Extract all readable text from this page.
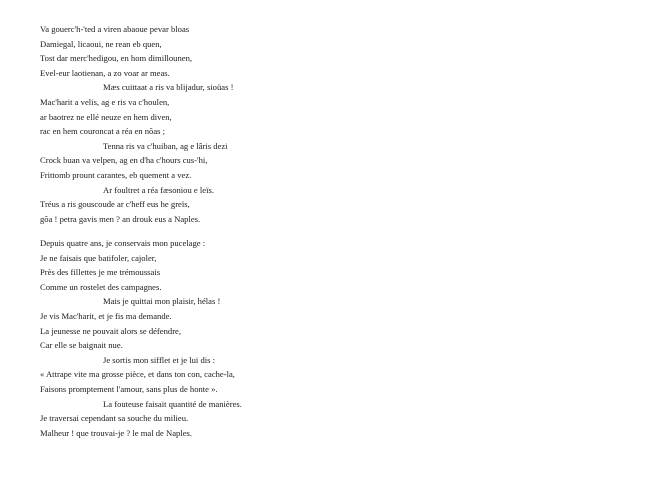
Va gouerc'h-'ted a viren abaoue pevar bloas
Damiegal, licaoui, ne rean eb quen,
Tost dar merc'hedigou, en hom dimillounen,
Evel-eur laotienan, a zo voar ar meas.
Mæs cuittaat a ris va blijadur, sioüas !
Mac'harit a velis, ag e ris va c'houlen,
ar baotrez ne ellé neuze en hem diven,
rac en hem couroncat a réa en nõas ;
Tenna ris va c'huiban, ag e lâris dezi
Crock buan va velpen, ag en d'ha c'hours cus-'hi,
Frittomb prount carantes, eb quement a vez.
Ar foultret a réa fæsoniou e leïs.
Tréus a ris gouscoude ar c'heff eus he greïs,
gõa ! petra gavis men ? an drouk eus a Naples.
Depuis quatre ans, je conservais mon pucelage :
Je ne faisais que batifoler, cajoler,
Près des fillettes je me trémoussais
Comme un rostelet des campagnes.
Mais je quittai mon plaisir, hélas !
Je vis Mac'harit, et je fis ma demande.
La jeunesse ne pouvait alors se défendre,
Car elle se baignait nue.
Je sortis mon sifflet et je lui dis :
« Attrape vite ma grosse pièce, et dans ton con, cache-la,
Faisons promptement l'amour, sans plus de honte ».
La fouteuse faisait quantité de manières.
Je traversai cependant sa souche du milieu.
Malheur ! que trouvai-je ? le mal de Naples.
